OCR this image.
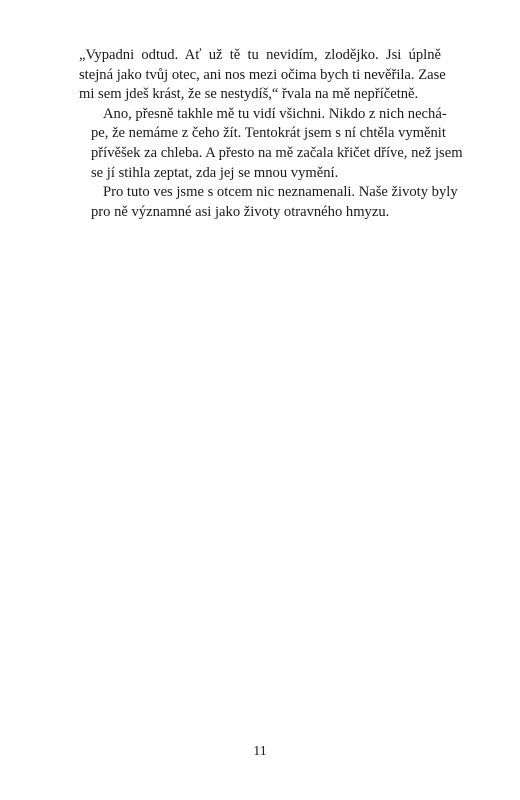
„Vypadni odtud. Ať už tě tu nevidím, zlodějko. Jsi úplně
stejná jako tvůj otec, ani nos mezi očima bych ti nevěřila. Zase
mi sem jdeš krást, že se nestydíš,“ řvala na mě nepříčetně.

Ano, přesně takhle mě tu vidí všichni. Nikdo z nich nechá-
pe, že nemáme z čeho žít. Tentokrát jsem s ní chtěla vyměnit
přívěšek za chleba. A přesto na mě začala křičet dříve, než jsem
se jí stihla zeptat, zda jej se mnou vymění.

Pro tuto ves jsme s otcem nic neznamenali. Naše životy byly
pro ně významné asi jako životy otravného hmyzu.

11
